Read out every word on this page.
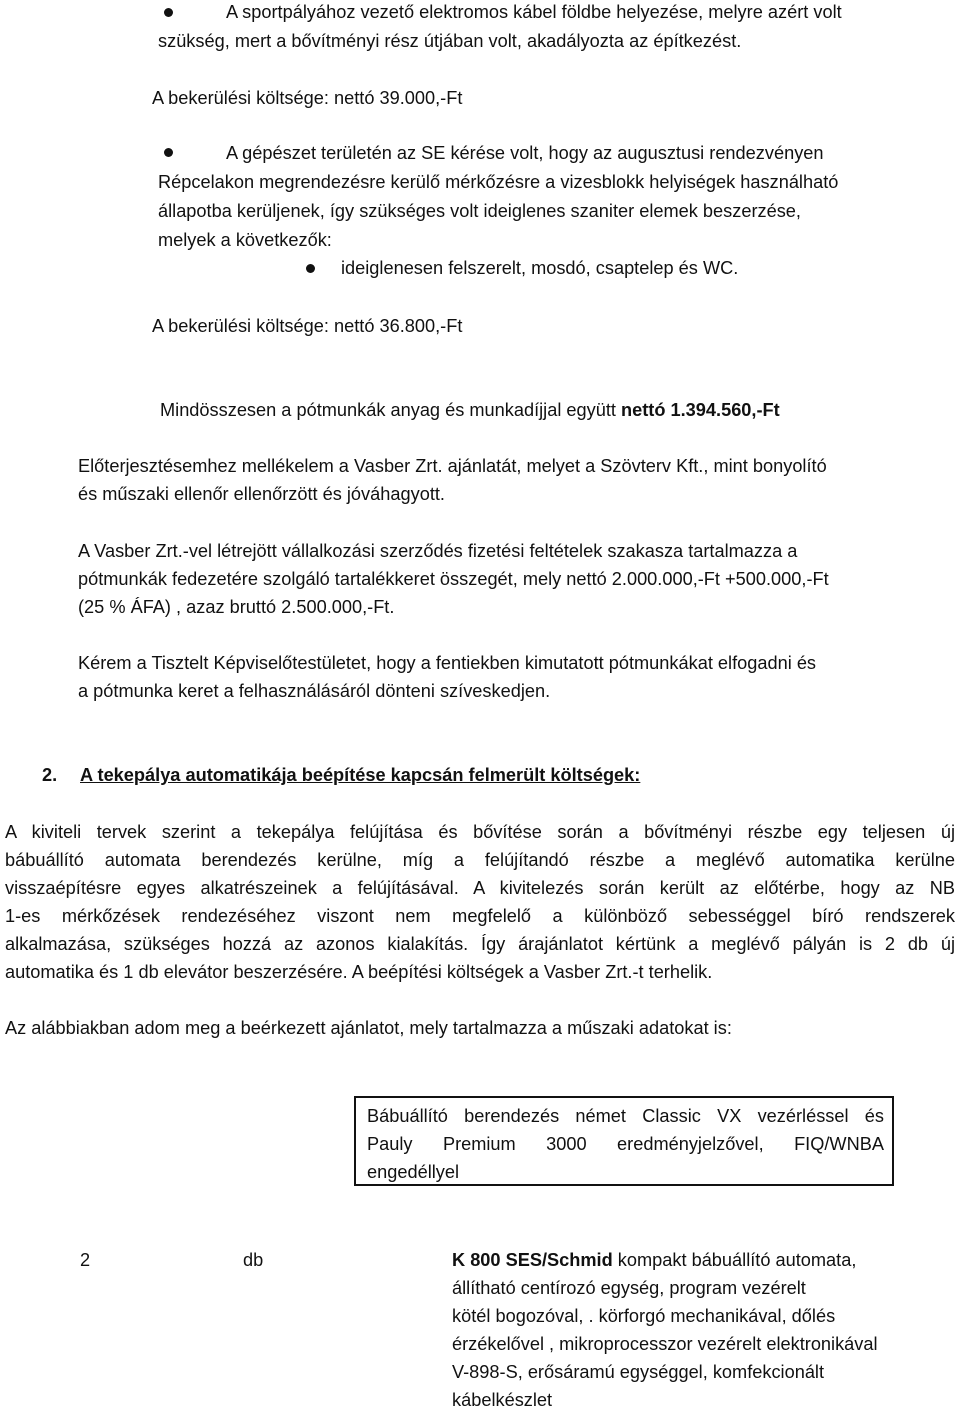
A sportpályához vezető elektromos kábel földbe helyezése, melyre azért volt
szükség, mert a bővítményi rész útjában volt, akadályozta az építkezést.
A bekerülési költsége: nettó 39.000,-Ft
A gépészet területén az SE kérése volt, hogy az augusztusi rendezvényen
Répcelakon megrendezésre kerülő mérkőzésre a vizesblokk helyiségek használható
állapotba kerüljenek, így szükséges volt ideiglenes szaniter elemek beszerzése,
melyek a következők:
ideiglenesen felszerelt, mosdó, csaptelep és WC.
A bekerülési költsége: nettó 36.800,-Ft
Mindösszesen a pótmunkák anyag és munkadíjjal együtt nettó 1.394.560,-Ft
Előterjesztésemhez mellékelem a Vasber Zrt. ajánlatát, melyet a Szövterv Kft., mint bonyolító
és műszaki ellenőr ellenőrzött és jóváhagyott.
A Vasber Zrt.-vel létrejött vállalkozási szerződés fizetési feltételek szakasza tartalmazza a
pótmunkák fedezetére szolgáló tartalékkeret összegét, mely nettó 2.000.000,-Ft +500.000,-Ft
(25 % ÁFA) , azaz bruttó 2.500.000,-Ft.
Kérem a Tisztelt Képviselőtestületet, hogy a fentiekben kimutatott pótmunkákat elfogadni és
a pótmunka keret a felhasználásáról dönteni szíveskedjen.
2. A tekepálya automatikája beépítése kapcsán felmerült költségek:
A kiviteli tervek szerint a tekepálya felújítása és bővítése során a bővítményi részbe egy teljesen új
bábuállító automata berendezés kerülne, míg a felújítandó részbe a meglévő automatika kerülne
visszaépítésre egyes alkatrészeinek a felújításával. A kivitelezés során került az előtérbe, hogy az NB
1-es mérkőzések rendezéséhez viszont nem megfelelő a különböző sebességgel bíró rendszerek
alkalmazása, szükséges hozzá az azonos kialakítás. Így árajánlatot kértünk a meglévő pályán is 2 db új
automatika és 1 db elevátor beszerzésére. A beépítési költségek a Vasber Zrt.-t terhelik.
Az alábbiakban adom meg a beérkezett ajánlatot, mely tartalmazza a műszaki adatokat is:
Bábuállító berendezés német Classic VX vezérléssel és
Pauly Premium 3000 eredményjelzővel, FIQ/WNBA
engedéllyel
2	db	K 800 SES/Schmid kompakt bábuállító automata,
állítható centírozó egység, program vezérelt
kötél bogozóval, . körforgó mechanikával, dőlés
érzékelővel , mikroprocesszor vezérelt elektronikával
V-898-S, erősáramú egységgel, komfekcionált
kábelkészlet
